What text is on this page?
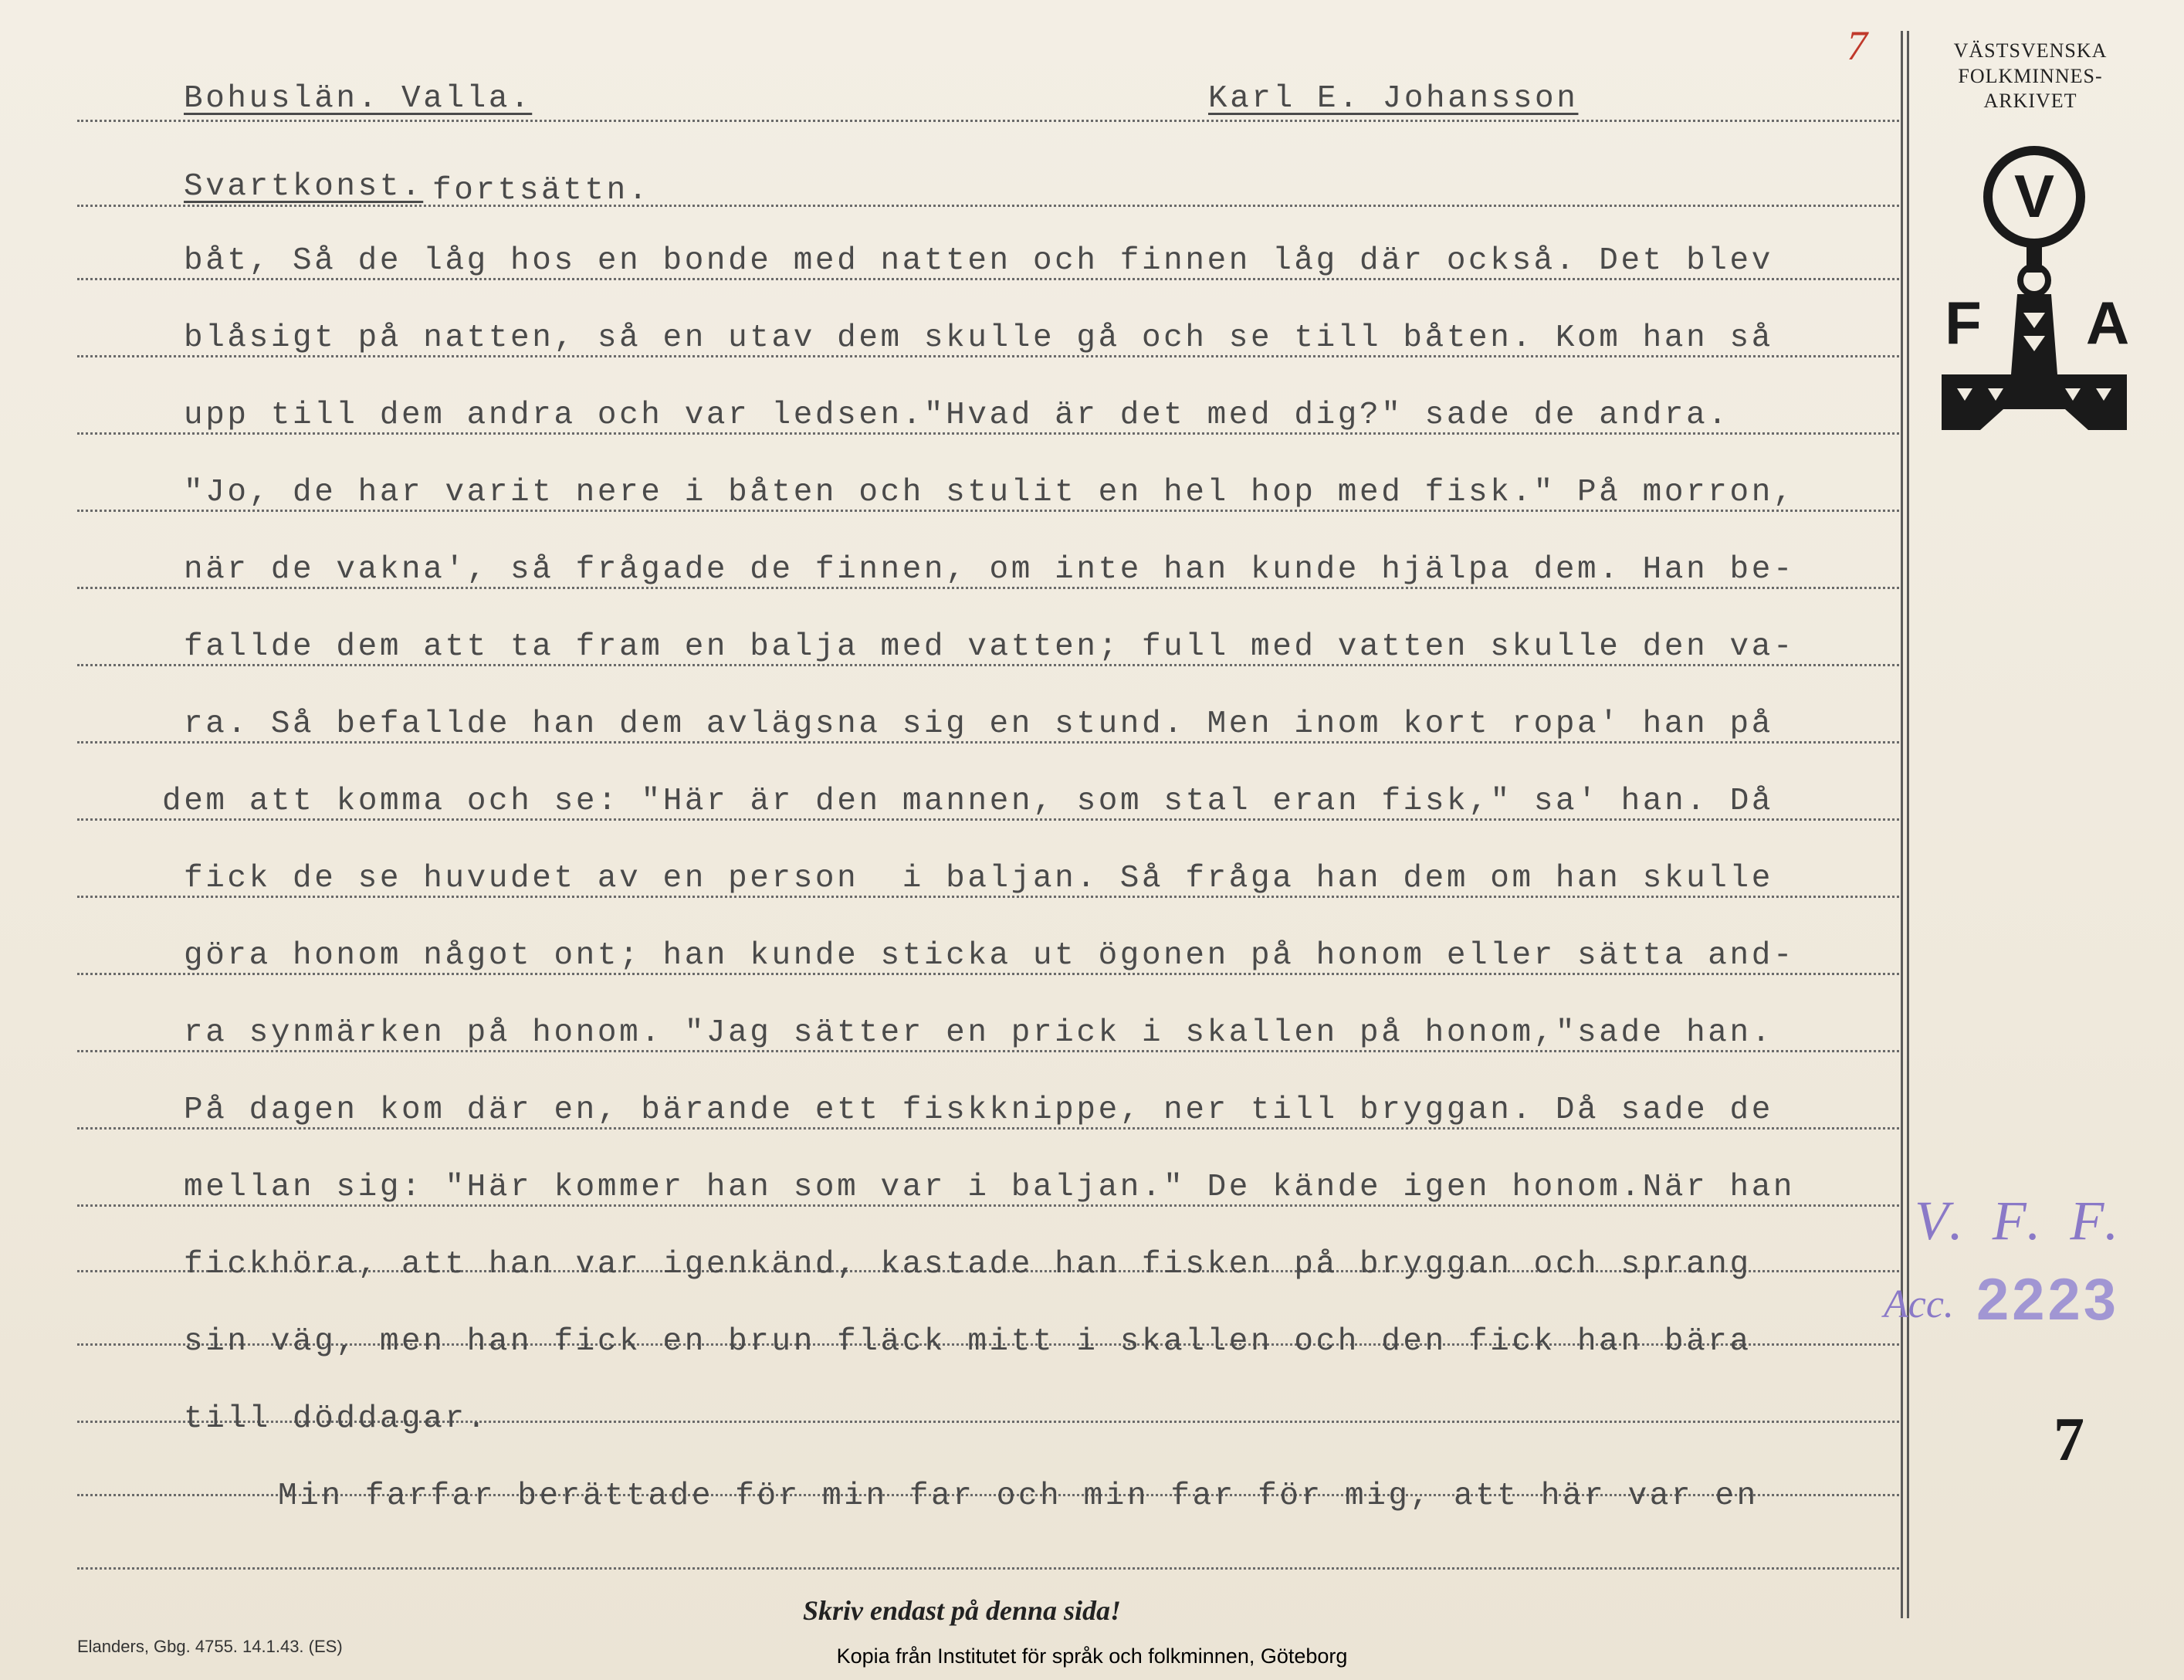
Bohuslän. Valla.	Karl E. Johansson
Svartkonst. fortsättn.
båt, Så de låg hos en bonde med natten och finnen låg där också. Det blev
blåsigt på natten, så en utav dem skulle gå och se till båten. Kom han så
upp till dem andra och var ledsen."Hvad är det med dig?" sade de andra.
"Jo, de har varit nere i båten och stulit en hel hop med fisk." På morron,
när de vakna', så frågade de finnen, om inte han kunde hjälpa dem. Han be-
fallde dem att ta fram en balja med vatten; full med vatten skulle den va-
ra. Så befallde han dem avlägsna sig en stund. Men inom kort ropa' han på
dem att komma och se: "Här är den mannen, som stal eran fisk," sa' han. Då
fick de se huvudet av en person  i baljan. Så fråga han dem om han skulle
göra honom något ont; han kunde sticka ut ögonen på honom eller sätta and-
ra synmärken på honom. "Jag sätter en prick i skallen på honom,"sade han.
På dagen kom där en, bärande ett fiskknippe, ner till bryggan. Då sade de
mellan sig: "Här kommer han som var i baljan." De kände igen honom.När han
fickhöra, att han var igenkänd, kastade han fisken på bryggan och sprang
sin väg, men han fick en brun fläck mitt i skallen och den fick han bära
till döddagar.
Min farfar berättade för min far och min far för mig, att här var en
VÄSTSVENSKA
FOLKMINNES-
ARKIVET
V
F A
7
V. F. F.
Acc. 2223
7
Skriv endast på denna sida!
Elanders, Gbg. 4755. 14.1.43. (ES)	Kopia från Institutet för språk och folkminnen, Göteborg
